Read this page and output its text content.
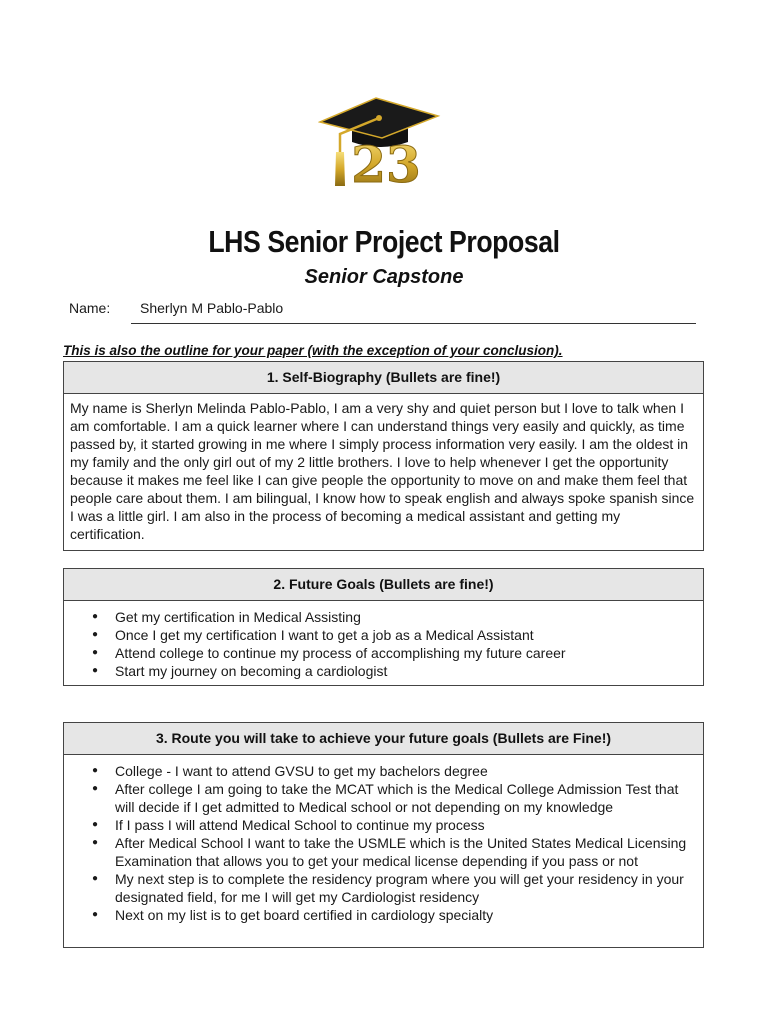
23
LHS Senior Project Proposal
Senior Capstone
Name: Sherlyn M Pablo-Pablo
This is also the outline for your paper (with the exception of your conclusion).
1. Self-Biography (Bullets are fine!)

My name is Sherlyn Melinda Pablo-Pablo, I am a very shy and quiet person but I love to talk when I am comfortable. I am a quick learner where I can understand things very easily and quickly, as time passed by, it started growing in me where I simply process information very easily. I am the oldest in my family and the only girl out of my 2 little brothers. I love to help whenever I get the opportunity because it makes me feel like I can give people the opportunity to move on and make them feel that people care about them. I am bilingual, I know how to speak english and always spoke spanish since I was a little girl. I am also in the process of becoming a medical assistant and getting my certification.

2. Future Goals (Bullets are fine!)
● Get my certification in Medical Assisting
● Once I get my certification I want to get a job as a Medical Assistant
● Attend college to continue my process of accomplishing my future career
● Start my journey on becoming a cardiologist
3. Route you will take to achieve your future goals (Bullets are Fine!)
● College - I want to attend GVSU to get my bachelors degree
● After college I am going to take the MCAT which is the Medical College Admission Test that will decide if I get admitted to Medical school or not depending on my knowledge
● If I pass I will attend Medical School to continue my process
● After Medical School I want to take the USMLE which is the United States Medical Licensing Examination that allows you to get your medical license depending if you pass or not
● My next step is to complete the residency program where you will get your residency in your designated field, for me I will get my Cardiologist residency
● Next on my list is to get board certified in cardiology specialty
